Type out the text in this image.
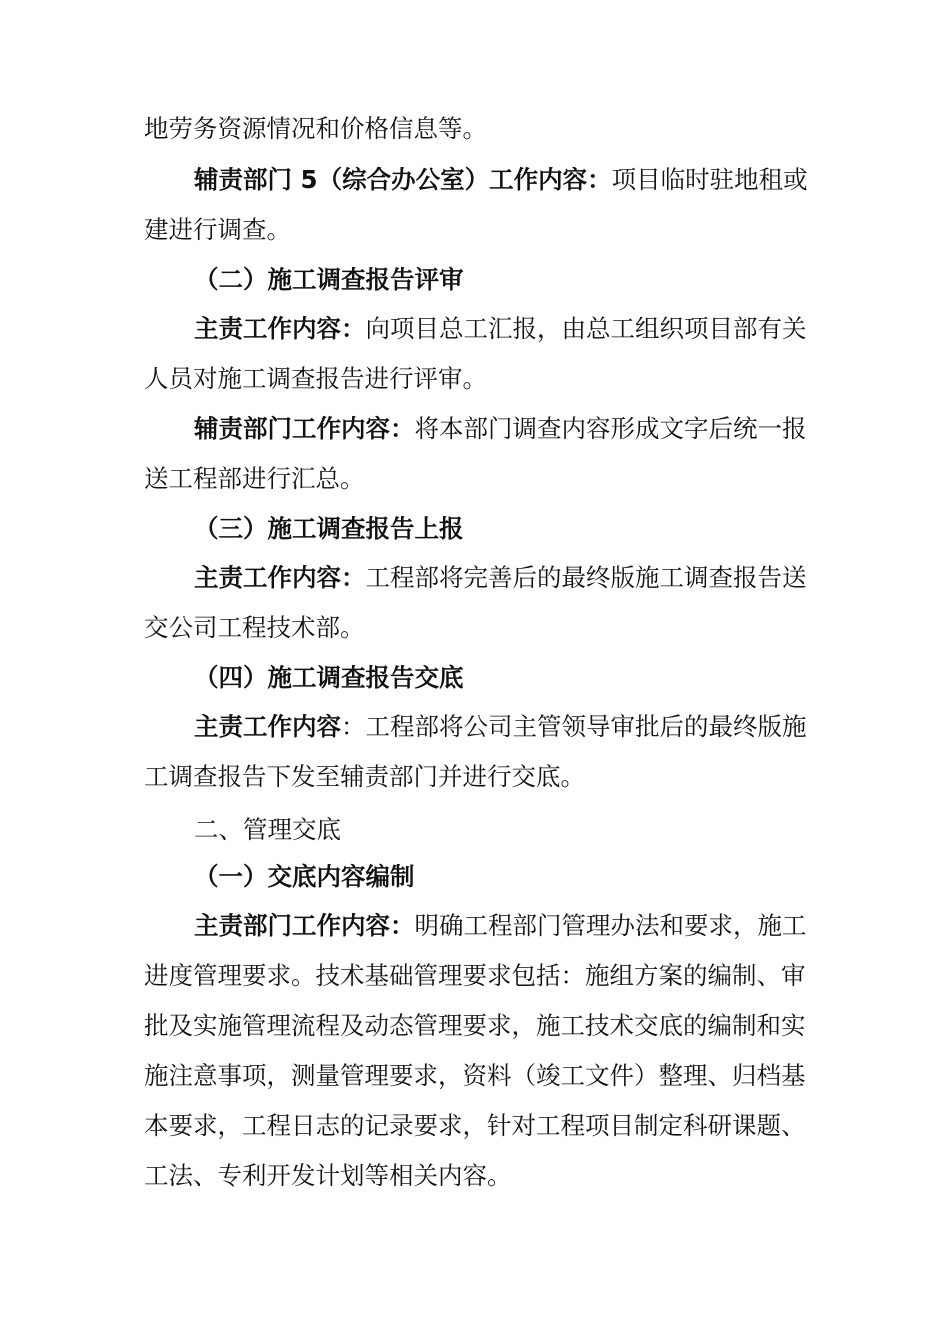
地劳务资源情况和价格信息等。

辅责部门 5（综合办公室）工作内容：项目临时驻地租或建进行调查。

（二）施工调查报告评审

主责工作内容：向项目总工汇报，由总工组织项目部有关人员对施工调查报告进行评审。

辅责部门工作内容：将本部门调查内容形成文字后统一报送工程部进行汇总。

（三）施工调查报告上报

主责工作内容：工程部将完善后的最终版施工调查报告送交公司工程技术部。

（四）施工调查报告交底

主责工作内容：工程部将公司主管领导审批后的最终版施工调查报告下发至辅责部门并进行交底。

二、管理交底

（一）交底内容编制

主责部门工作内容：明确工程部门管理办法和要求，施工进度管理要求。技术基础管理要求包括：施组方案的编制、审批及实施管理流程及动态管理要求，施工技术交底的编制和实施注意事项，测量管理要求，资料（竣工文件）整理、归档基本要求，工程日志的记录要求，针对工程项目制定科研课题、工法、专利开发计划等相关内容。
